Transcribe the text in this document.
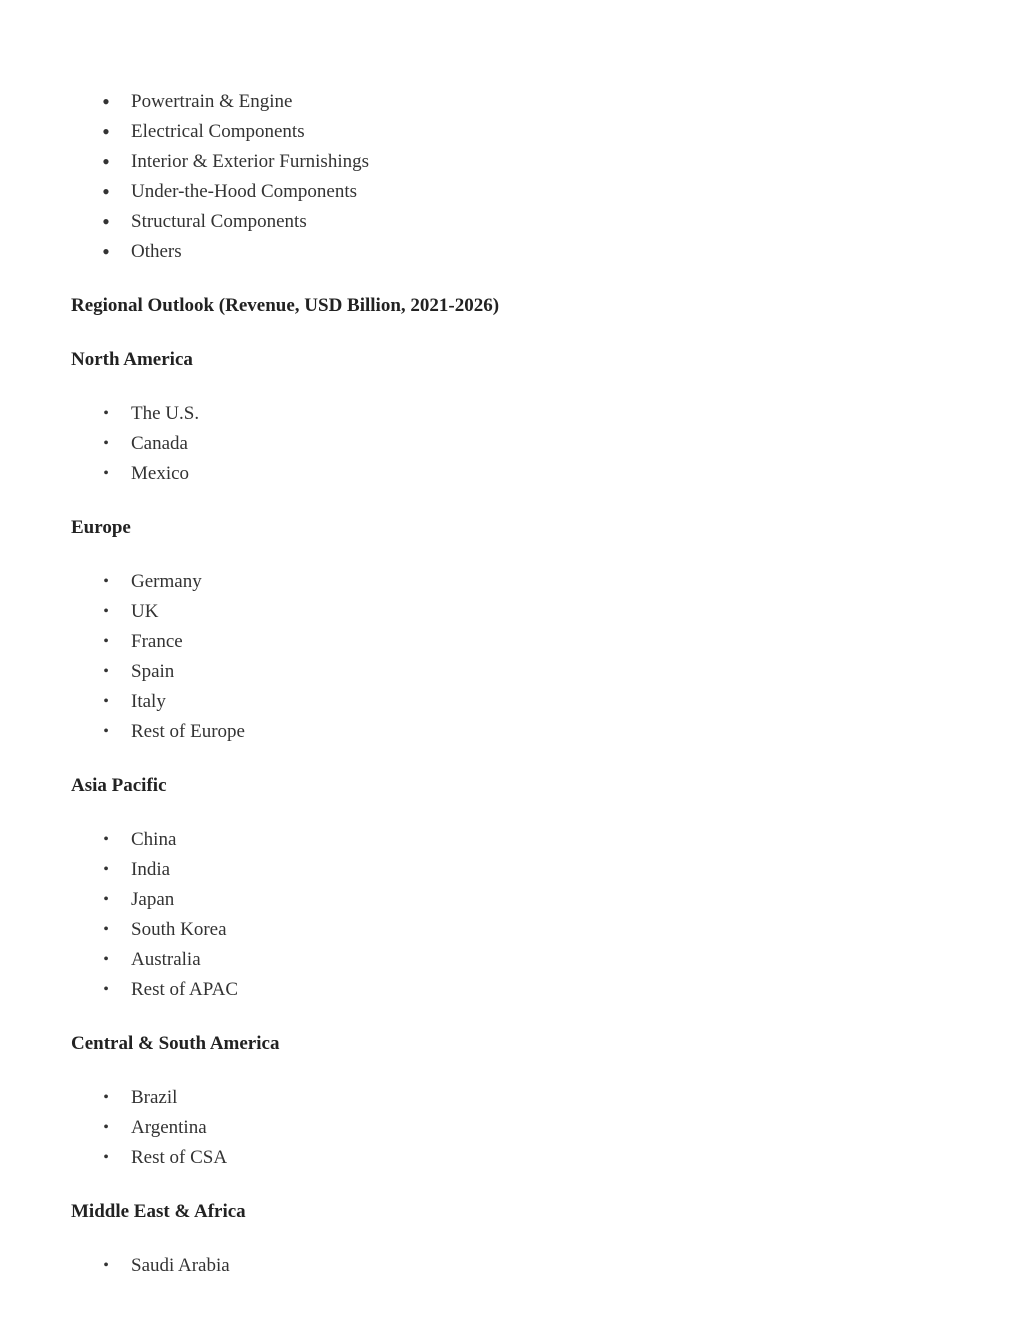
• Powertrain & Engine
• Electrical Components
• Interior & Exterior Furnishings
• Under-the-Hood Components
• Structural Components
• Others

Regional Outlook (Revenue, USD Billion, 2021-2026)

North America

• The U.S.
• Canada
• Mexico

Europe

• Germany
• UK
• France
• Spain
• Italy
• Rest of Europe

Asia Pacific

• China
• India
• Japan
• South Korea
• Australia
• Rest of APAC

Central & South America

• Brazil
• Argentina
• Rest of CSA

Middle East & Africa

• Saudi Arabia
